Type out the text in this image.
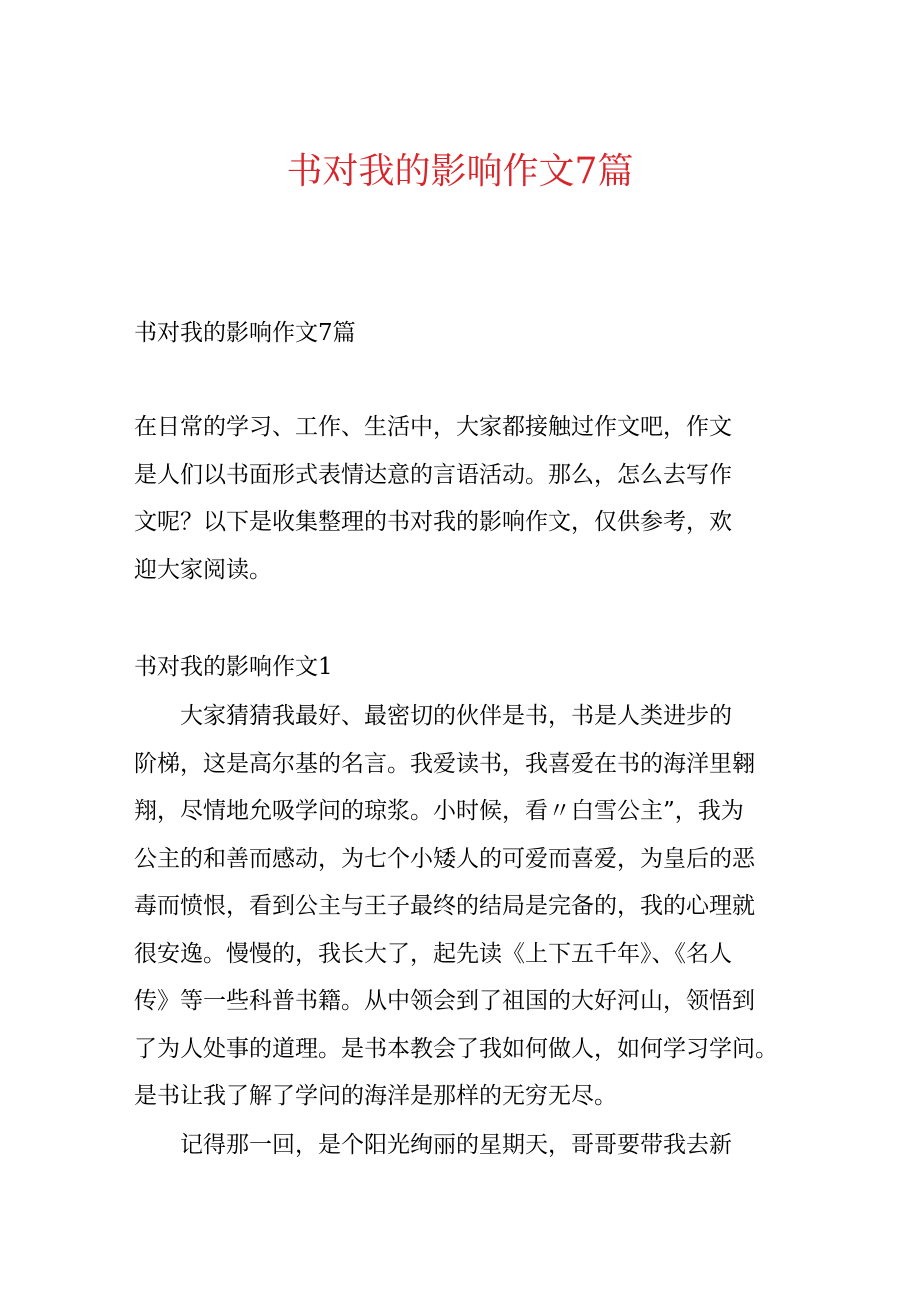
书对我的影响作文7篇
书对我的影响作文7篇
在日常的学习、工作、生活中，大家都接触过作文吧，作文
是人们以书面形式表情达意的言语活动。那么，怎么去写作
文呢？以下是收集整理的书对我的影响作文，仅供参考，欢
迎大家阅读。
书对我的影响作文1
　　大家猜猜我最好、最密切的伙伴是书，书是人类进步的
阶梯，这是高尔基的名言。我爱读书，我喜爱在书的海洋里翱
翔，尽情地允吸学问的琼浆。小时候，看〃白雪公主”，我为
公主的和善而感动，为七个小矮人的可爱而喜爱，为皇后的恶
毒而愤恨，看到公主与王子最终的结局是完备的，我的心理就
很安逸。慢慢的，我长大了，起先读《上下五千年》、《名人
传》等一些科普书籍。从中领会到了祖国的大好河山，领悟到
了为人处事的道理。是书本教会了我如何做人，如何学习学问。
是书让我了解了学问的海洋是那样的无穷无尽。
　　记得那一回，是个阳光绚丽的星期天，哥哥要带我去新
